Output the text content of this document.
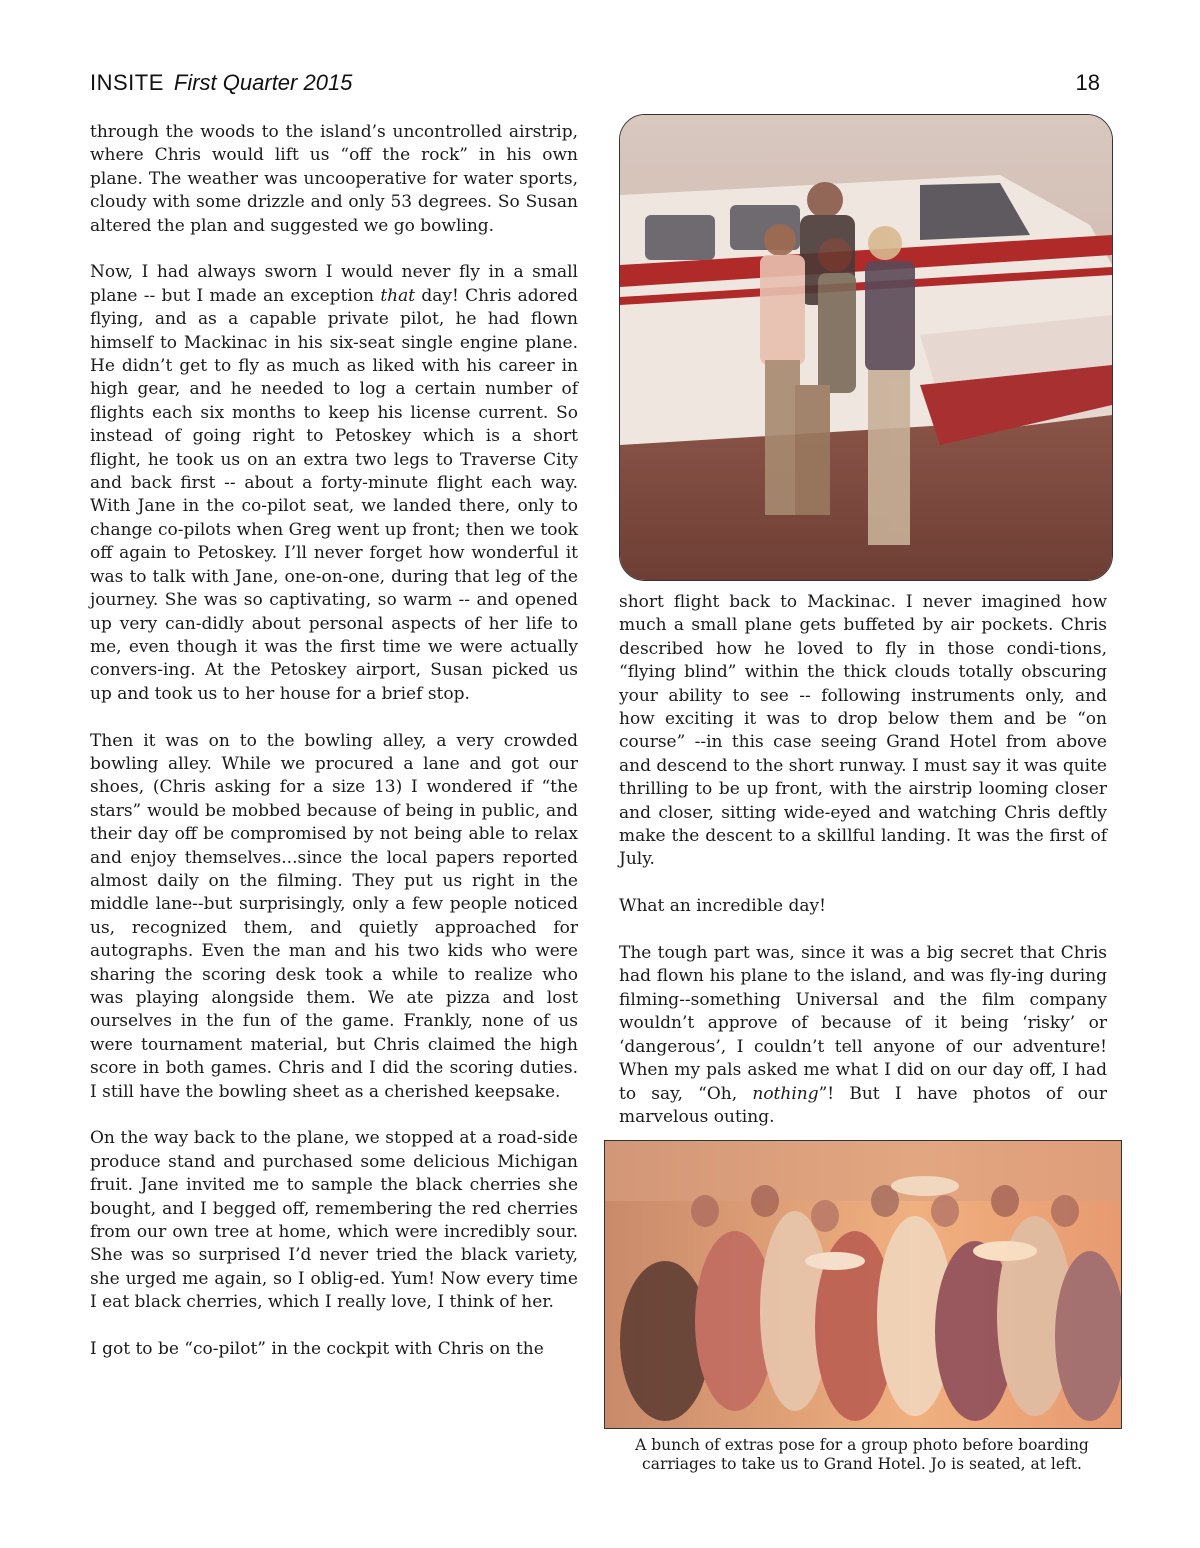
INSITE First Quarter 2015	18

through the woods to the island’s uncontrolled airstrip, where Chris would lift us “off the rock” in his own plane. The weather was uncooperative for water sports, cloudy with some drizzle and only 53 degrees. So Susan altered the plan and suggested we go bowling.

Now, I had always sworn I would never fly in a small plane -- but I made an exception that day! Chris adored flying, and as a capable private pilot, he had flown himself to Mackinac in his six-seat single engine plane. He didn’t get to fly as much as liked with his career in high gear, and he needed to log a certain number of flights each six months to keep his license current. So instead of going right to Petoskey which is a short flight, he took us on an extra two legs to Traverse City and back first -- about a forty-minute flight each way. With Jane in the co-pilot seat, we landed there, only to change co-pilots when Greg went up front; then we took off again to Petoskey. I’ll never forget how wonderful it was to talk with Jane, one-on-one, during that leg of the journey. She was so captivating, so warm -- and opened up very can-didly about personal aspects of her life to me, even though it was the first time we were actually convers-ing. At the Petoskey airport, Susan picked us up and took us to her house for a brief stop.

Then it was on to the bowling alley, a very crowded bowling alley. While we procured a lane and got our shoes, (Chris asking for a size 13) I wondered if “the stars” would be mobbed because of being in public, and their day off be compromised by not being able to relax and enjoy themselves...since the local papers reported almost daily on the filming. They put us right in the middle lane--but surprisingly, only a few people noticed us, recognized them, and quietly approached for autographs. Even the man and his two kids who were sharing the scoring desk took a while to realize who was playing alongside them. We ate pizza and lost ourselves in the fun of the game. Frankly, none of us were tournament material, but Chris claimed the high score in both games. Chris and I did the scoring duties. I still have the bowling sheet as a cherished keepsake.

On the way back to the plane, we stopped at a road-side produce stand and purchased some delicious Michigan fruit. Jane invited me to sample the black cherries she bought, and I begged off, remembering the red cherries from our own tree at home, which were incredibly sour. She was so surprised I’d never tried the black variety, she urged me again, so I oblig-ed. Yum! Now every time I eat black cherries, which I really love, I think of her.

I got to be “co-pilot” in the cockpit with Chris on the

short flight back to Mackinac. I never imagined how much a small plane gets buffeted by air pockets. Chris described how he loved to fly in those condi-tions, “flying blind” within the thick clouds totally obscuring your ability to see -- following instruments only, and how exciting it was to drop below them and be “on course” --in this case seeing Grand Hotel from above and descend to the short runway. I must say it was quite thrilling to be up front, with the airstrip looming closer and closer, sitting wide-eyed and watching Chris deftly make the descent to a skillful landing. It was the first of July.

What an incredible day!

The tough part was, since it was a big secret that Chris had flown his plane to the island, and was fly-ing during filming--something Universal and the film company wouldn’t approve of because of it being ‘risky’ or ‘dangerous’, I couldn’t tell anyone of our adventure! When my pals asked me what I did on our day off, I had to say, “Oh, nothing”! But I have photos of our marvelous outing.

A bunch of extras pose for a group photo before boarding
carriages to take us to Grand Hotel. Jo is seated, at left.
